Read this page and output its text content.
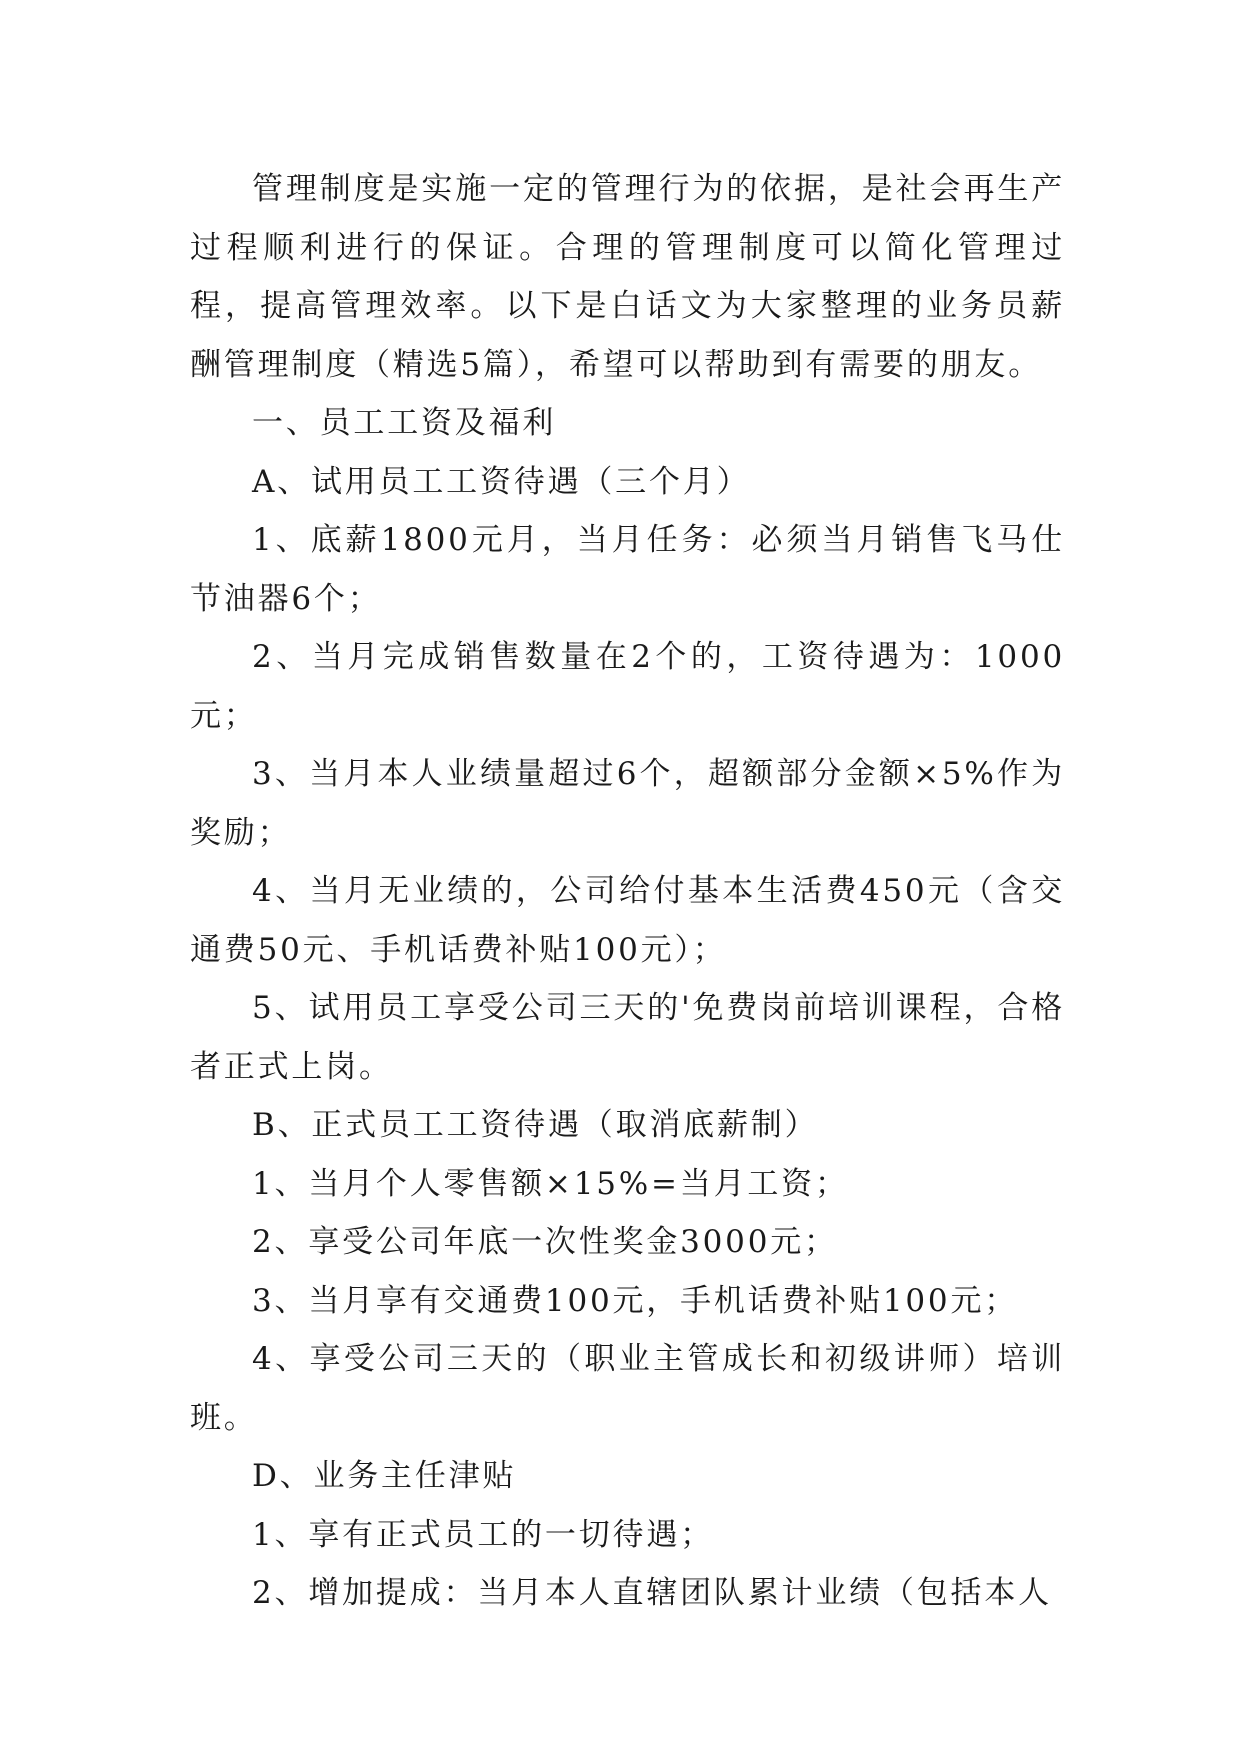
管理制度是实施一定的管理行为的依据，是社会再生产过程顺利进行的保证。合理的管理制度可以简化管理过程，提高管理效率。以下是白话文为大家整理的业务员薪酬管理制度（精选5篇），希望可以帮助到有需要的朋友。

一、员工工资及福利

A、试用员工工资待遇（三个月）

1、底薪1800元月，当月任务：必须当月销售飞马仕节油器6个；

2、当月完成销售数量在2个的，工资待遇为：1000元；

3、当月本人业绩量超过6个，超额部分金额×5%作为奖励；

4、当月无业绩的，公司给付基本生活费450元（含交通费50元、手机话费补贴100元）；

5、试用员工享受公司三天的'免费岗前培训课程，合格者正式上岗。

B、正式员工工资待遇（取消底薪制）

1、当月个人零售额×15%=当月工资；

2、享受公司年底一次性奖金3000元；

3、当月享有交通费100元，手机话费补贴100元；

4、享受公司三天的（职业主管成长和初级讲师）培训班。

D、业务主任津贴

1、享有正式员工的一切待遇；

2、增加提成：当月本人直辖团队累计业绩（包括本人
